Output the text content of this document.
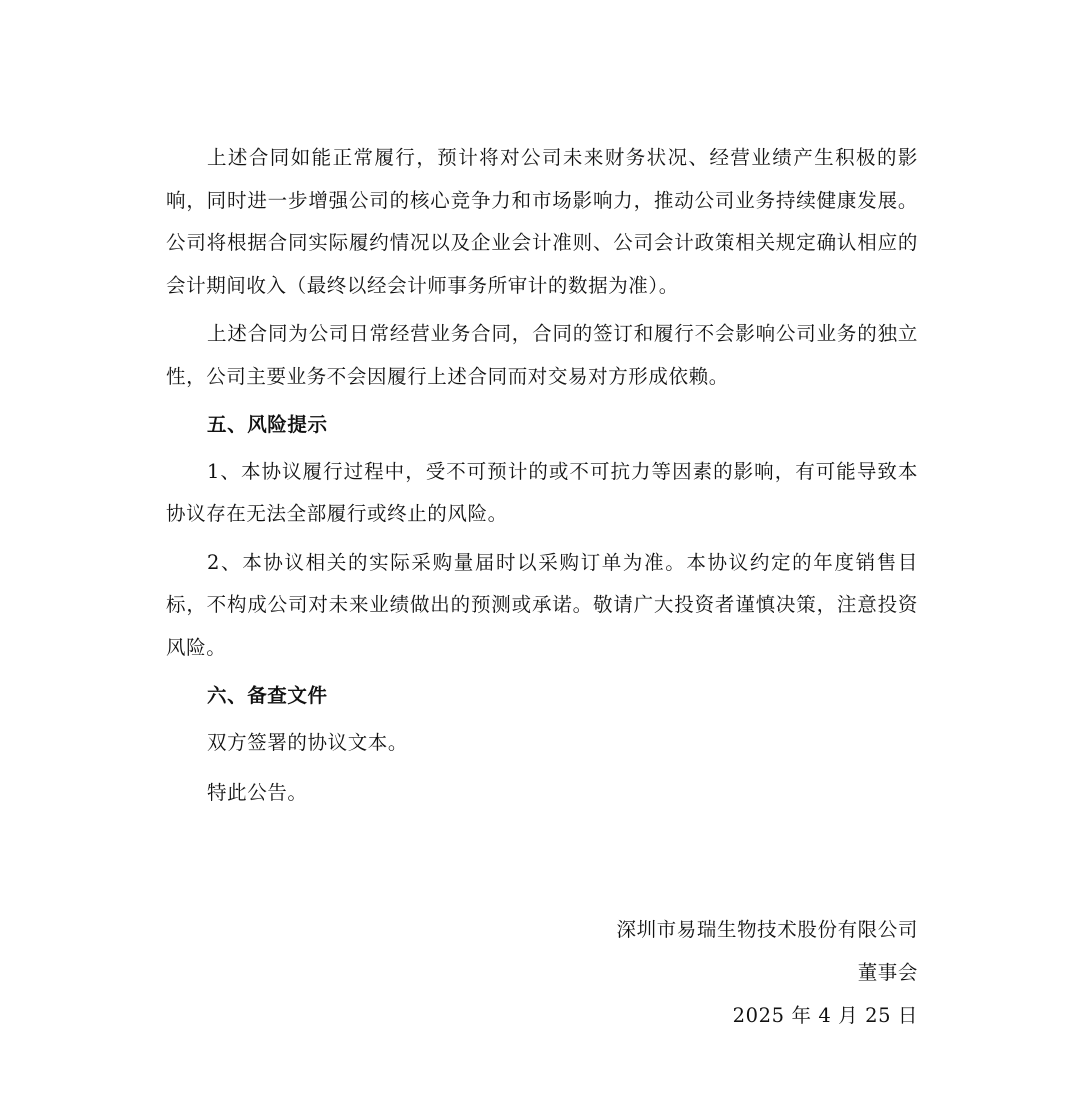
上述合同如能正常履行，预计将对公司未来财务状况、经营业绩产生积极的影响，同时进一步增强公司的核心竞争力和市场影响力，推动公司业务持续健康发展。公司将根据合同实际履约情况以及企业会计准则、公司会计政策相关规定确认相应的会计期间收入（最终以经会计师事务所审计的数据为准）。

上述合同为公司日常经营业务合同，合同的签订和履行不会影响公司业务的独立性，公司主要业务不会因履行上述合同而对交易对方形成依赖。

五、风险提示

1、本协议履行过程中，受不可预计的或不可抗力等因素的影响，有可能导致本协议存在无法全部履行或终止的风险。

2、本协议相关的实际采购量届时以采购订单为准。本协议约定的年度销售目标，不构成公司对未来业绩做出的预测或承诺。敬请广大投资者谨慎决策，注意投资风险。

六、备查文件
双方签署的协议文本。
特此公告。
深圳市易瑞生物技术股份有限公司
董事会
2025 年 4 月 25 日
